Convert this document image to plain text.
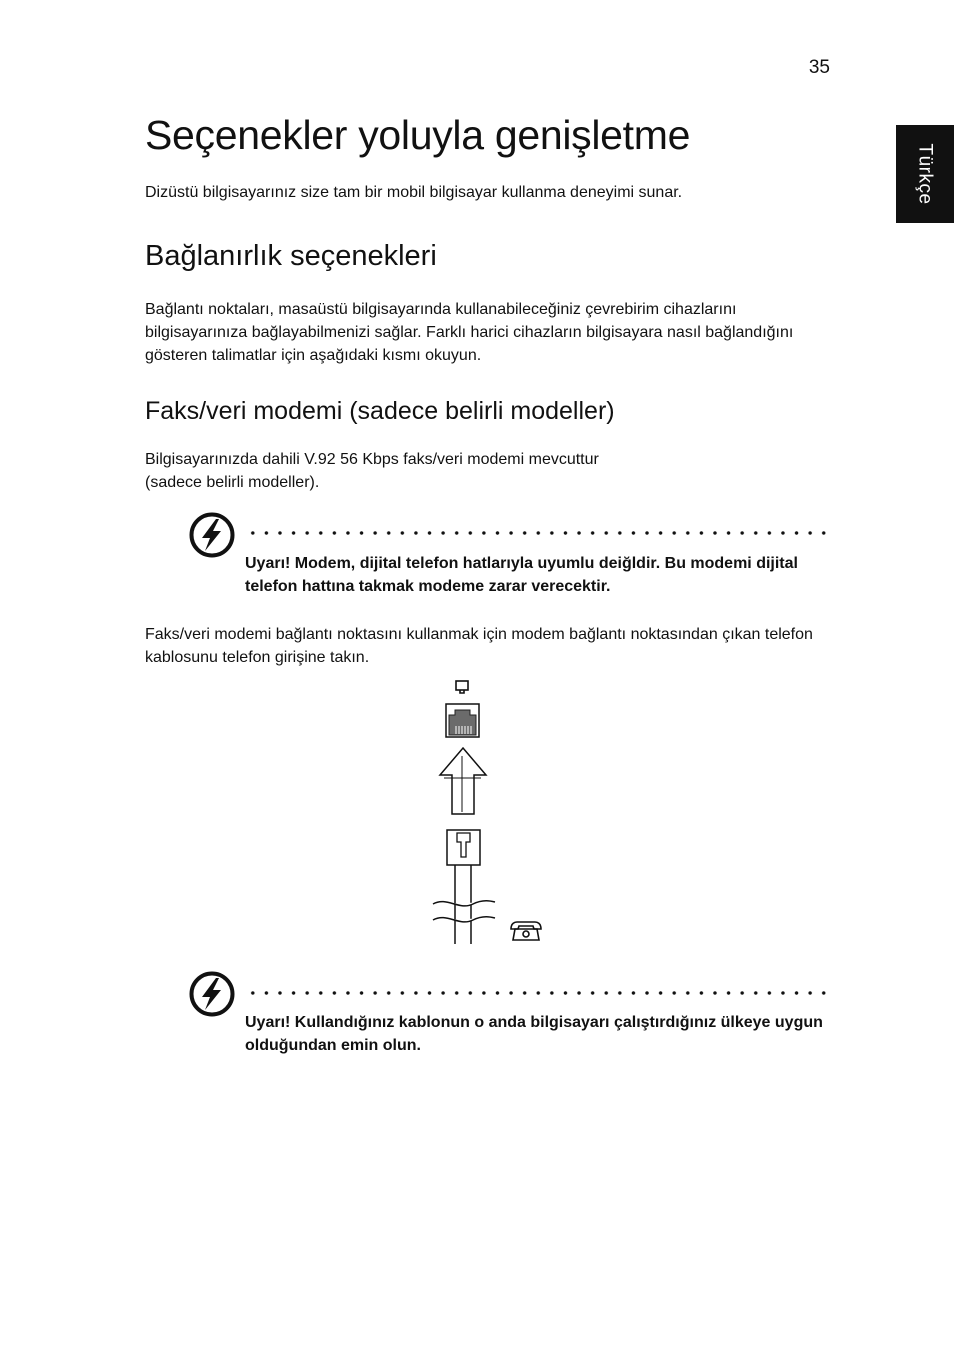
35
Türkçe
Seçenekler yoluyla genişletme

Dizüstü bilgisayarınız size tam bir mobil bilgisayar kullanma deneyimi sunar.

Bağlanırlık seçenekleri

Bağlantı noktaları, masaüstü bilgisayarında kullanabileceğiniz çevrebirim cihazlarını bilgisayarınıza bağlayabilmenizi sağlar. Farklı harici cihazların bilgisayara nasıl bağlandığını gösteren talimatlar için aşağıdaki kısmı okuyun.

Faks/veri modemi (sadece belirli modeller)
Bilgisayarınızda dahili V.92 56 Kbps faks/veri modemi mevcuttur
(sadece belirli modeller).

Uyarı! Modem, dijital telefon hatlarıyla uyumlu deiğldir. Bu modemi dijital telefon hattına takmak modeme zarar verecektir.

Faks/veri modemi bağlantı noktasını kullanmak için modem bağlantı noktasından çıkan telefon kablosunu telefon girişine takın.

Uyarı! Kullandığınız kablonun o anda bilgisayarı çalıştırdığınız ülkeye uygun olduğundan emin olun.
